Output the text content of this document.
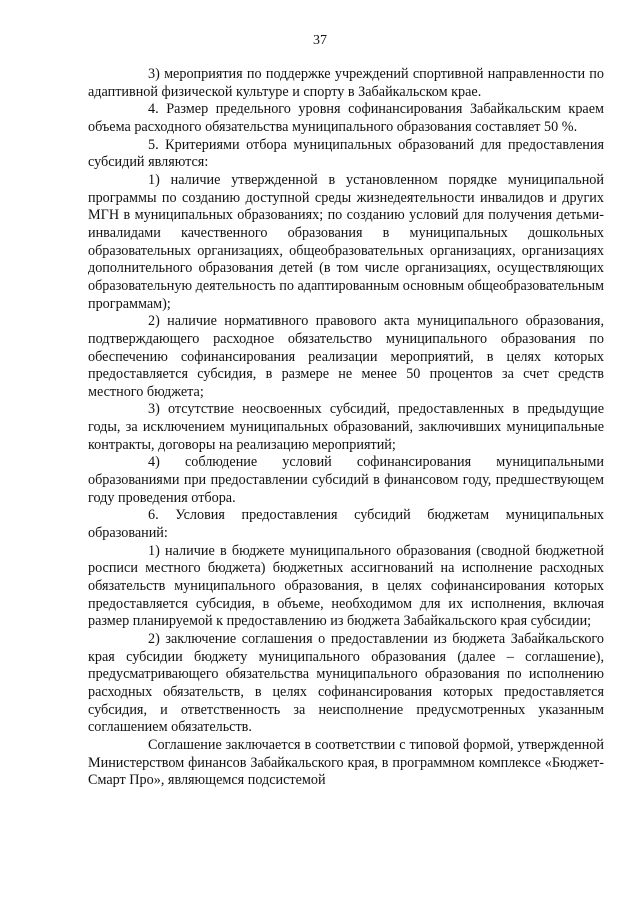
37

3) мероприятия по поддержке учреждений спортивной направленности по адаптивной физической культуре и спорту в Забайкальском крае.

4. Размер предельного уровня софинансирования Забайкальским краем объема расходного обязательства муниципального образования составляет 50 %.

5. Критериями отбора муниципальных образований для предоставления субсидий являются:

1) наличие утвержденной в установленном порядке муниципальной программы по созданию доступной среды жизнедеятельности инвалидов и других МГН в муниципальных образованиях; по созданию условий для получения детьми-инвалидами качественного образования в муниципальных дошкольных образовательных организациях, общеобразовательных организациях, организациях дополнительного образования детей (в том числе организациях, осуществляющих образовательную деятельность по адаптированным основным общеобразовательным программам);

2) наличие нормативного правового акта муниципального образования, подтверждающего расходное обязательство муниципального образования по обеспечению софинансирования реализации мероприятий, в целях которых предоставляется субсидия, в размере не менее 50 процентов за счет средств местного бюджета;

3) отсутствие неосвоенных субсидий, предоставленных в предыдущие годы, за исключением муниципальных образований, заключивших муниципальные контракты, договоры на реализацию мероприятий;

4) соблюдение условий софинансирования муниципальными образованиями при предоставлении субсидий в финансовом году, предшествующем году проведения отбора.

6. Условия предоставления субсидий бюджетам муниципальных образований:

1) наличие в бюджете муниципального образования (сводной бюджетной росписи местного бюджета) бюджетных ассигнований на исполнение расходных обязательств муниципального образования, в целях софинансирования которых предоставляется субсидия, в объеме, необходимом для их исполнения, включая размер планируемой к предоставлению из бюджета Забайкальского края субсидии;

2) заключение соглашения о предоставлении из бюджета Забайкальского края субсидии бюджету муниципального образования (далее – соглашение), предусматривающего обязательства муниципального образования по исполнению расходных обязательств, в целях софинансирования которых предоставляется субсидия, и ответственность за неисполнение предусмотренных указанным соглашением обязательств.

Соглашение заключается в соответствии с типовой формой, утвержденной Министерством финансов Забайкальского края, в программном комплексе «Бюджет-Смарт Про», являющемся подсистемой
